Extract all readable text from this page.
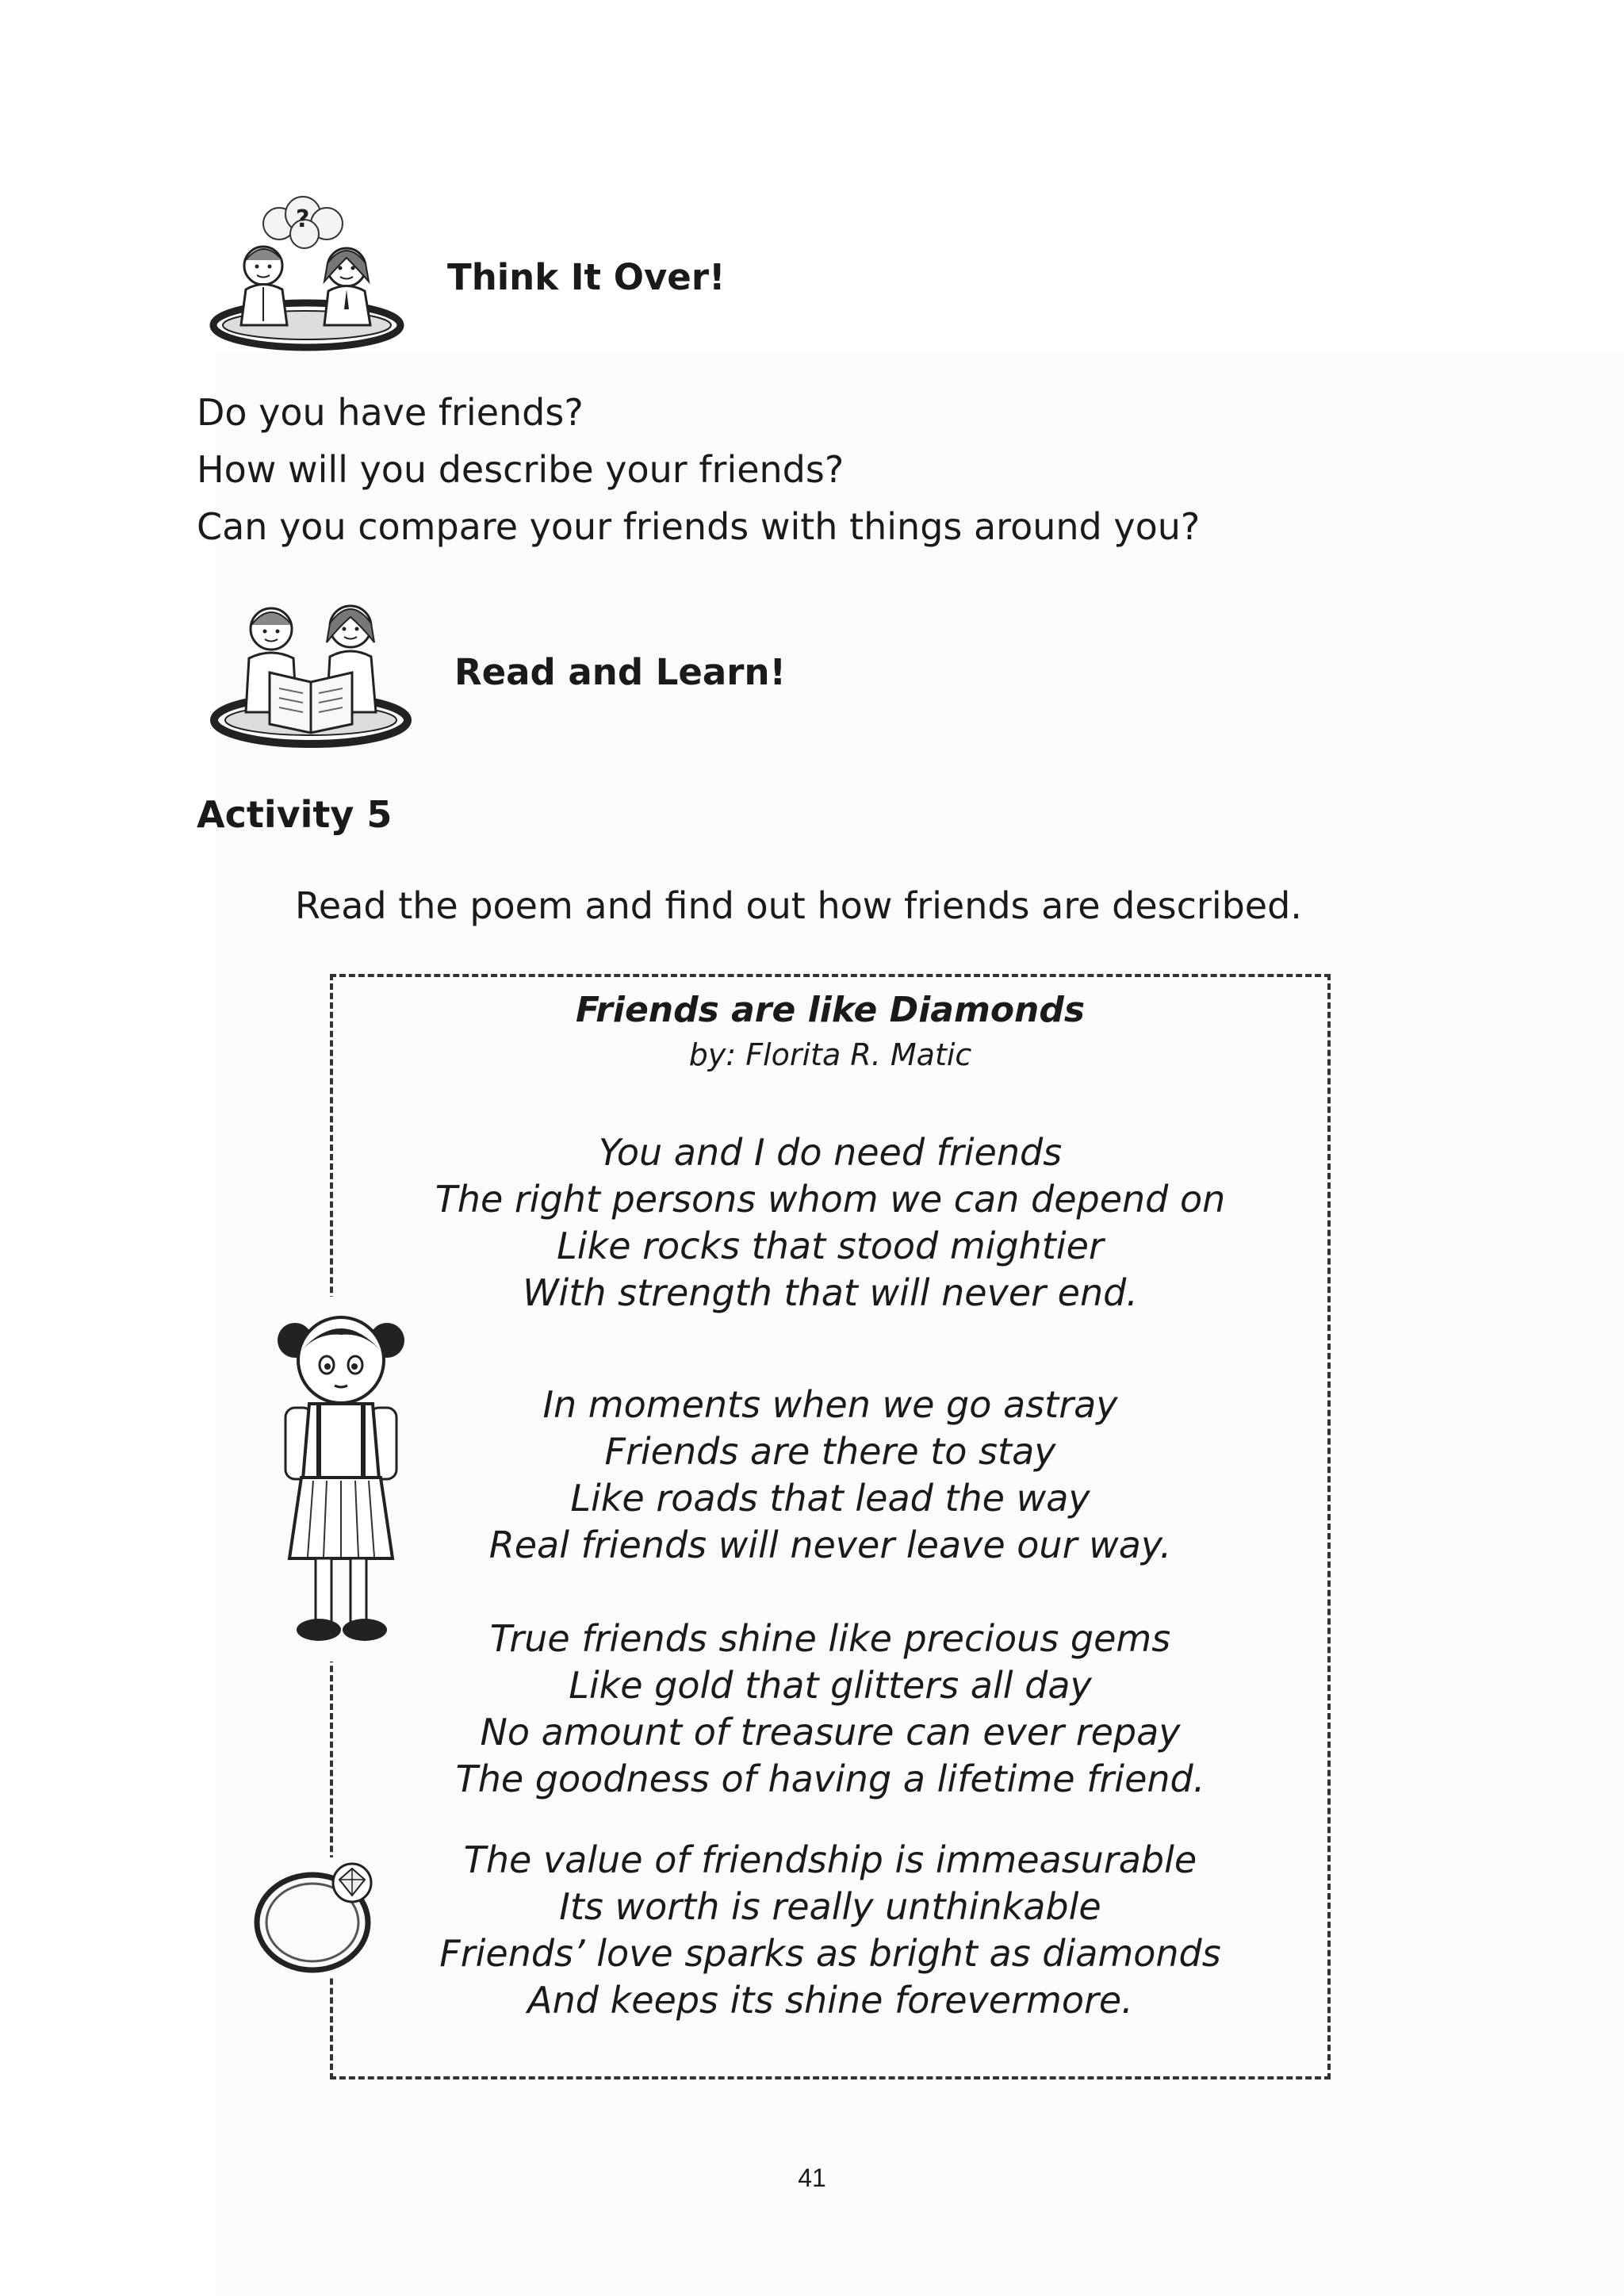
?
Think It Over!
Do you have friends?
How will you describe your friends?
Can you compare your friends with things around you?
Read and Learn!
Activity 5
Read the poem and find out how friends are described.
Friends are like Diamonds
by: Florita R. Matic
You and I do need friends
The right persons whom we can depend on
Like rocks that stood mightier
With strength that will never end.
In moments when we go astray
Friends are there to stay
Like roads that lead the way
Real friends will never leave our way.
True friends shine like precious gems
Like gold that glitters all day
No amount of treasure can ever repay
The goodness of having a lifetime friend.
The value of friendship is immeasurable
Its worth is really unthinkable
Friends’ love sparks as bright as diamonds
And keeps its shine forevermore.
41
